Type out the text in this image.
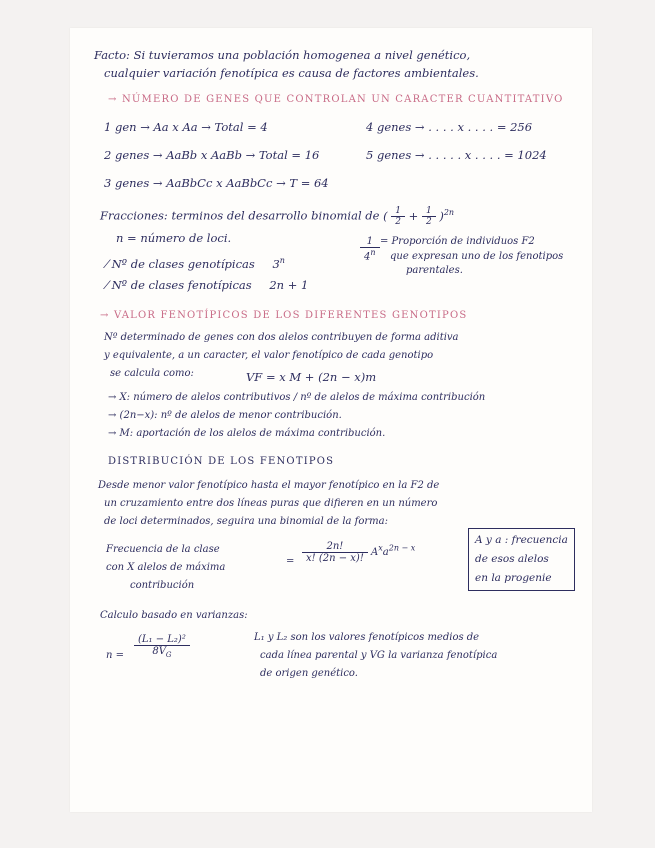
Facto: Si tuvieramos una población homogenea a nivel genético,
cualquier variación fenotípica es causa de factores ambientales.
→ NÚMERO DE GENES QUE CONTROLAN UN CARACTER CUANTITATIVO
1 gen → Aa x Aa → Total = 4
2 genes → AaBb x AaBb → Total = 16
3 genes → AaBbCc x AaBbCc → T = 64
4 genes → . . . . x . . . . = 256
5 genes → . . . . . x . . . . = 1024
Fracciones: terminos del desarrollo binomial de ( $\frac{1}{2} + \frac{1}{2} )^{2n}$
n = número de loci.
⁄ Nº de clases genotípicas 3$^n$
⁄ Nº de clases fenotípicas 2n + 1
$\frac{1}{4^n}$ = Proporción de individuos F2
que expresan uno de los fenotipos
parentales.
→ VALOR FENOTÍPICOS DE LOS DIFERENTES GENOTIPOS
Nº determinado de genes con dos alelos contribuyen de forma aditiva
y equivalente, a un caracter, el valor fenotípico de cada genotipo
se calcula como:	VF = x M + (2n − x)m
→ X: número de alelos contributivos / nº de alelos de máxima contribución
→ (2n−x): nº de alelos de menor contribución.
→ M: aportación de los alelos de máxima contribución.
DISTRIBUCIÓN DE LOS FENOTIPOS
Desde menor valor fenotípico hasta el mayor fenotípico en la F2 de
un cruzamiento entre dos líneas puras que difieren en un número
de loci determinados, seguira una binomial de la forma:
Frecuencia de la clase
con X alelos de máxima
contribución
= $\frac{2n!}{x! (2n - x)!} A^xa^{2n - x}$
A y a : frecuencia
de esos alelos
en la progenie
Calculo basado en varianzas:
$n = \frac{\text{(L₁ − L₂)²}}{8V_G}$	L₁ y L₂ son los valores fenotípicos medios de
cada línea parental y VG la varianza fenotípica
de origen genético.
